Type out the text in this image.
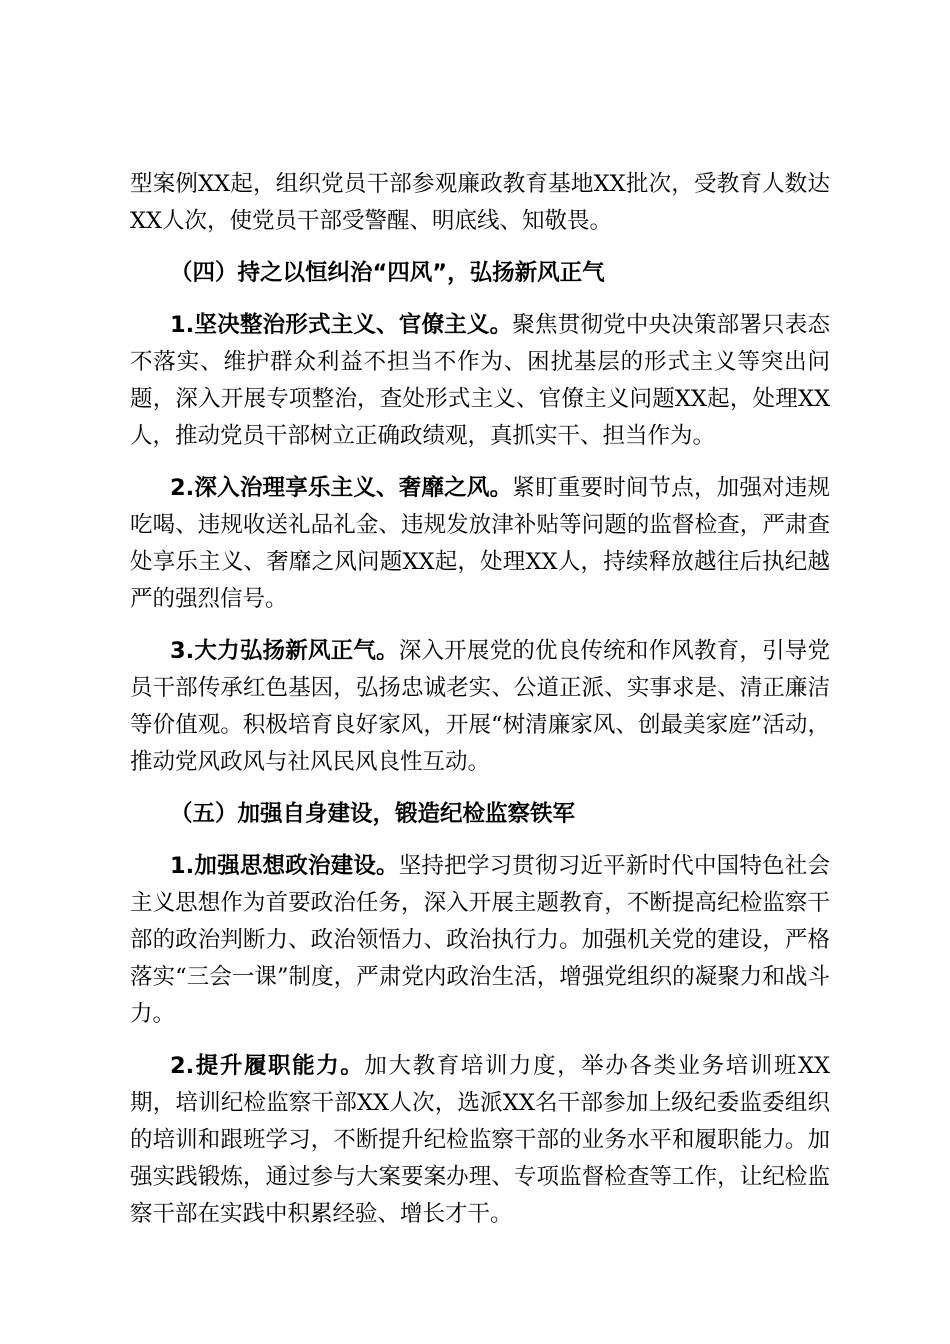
型案例XX起，组织党员干部参观廉政教育基地XX批次，受教育人数达XX人次，使党员干部受警醒、明底线、知敬畏。

（四）持之以恒纠治“四风”，弘扬新风正气

1.坚决整治形式主义、官僚主义。聚焦贯彻党中央决策部署只表态不落实、维护群众利益不担当不作为、困扰基层的形式主义等突出问题，深入开展专项整治，查处形式主义、官僚主义问题XX起，处理XX人，推动党员干部树立正确政绩观，真抓实干、担当作为。

2.深入治理享乐主义、奢靡之风。紧盯重要时间节点，加强对违规吃喝、违规收送礼品礼金、违规发放津补贴等问题的监督检查，严肃查处享乐主义、奢靡之风问题XX起，处理XX人，持续释放越往后执纪越严的强烈信号。

3.大力弘扬新风正气。深入开展党的优良传统和作风教育，引导党员干部传承红色基因，弘扬忠诚老实、公道正派、实事求是、清正廉洁等价值观。积极培育良好家风，开展“树清廉家风、创最美家庭”活动，推动党风政风与社风民风良性互动。

（五）加强自身建设，锻造纪检监察铁军

1.加强思想政治建设。坚持把学习贯彻习近平新时代中国特色社会主义思想作为首要政治任务，深入开展主题教育，不断提高纪检监察干部的政治判断力、政治领悟力、政治执行力。加强机关党的建设，严格落实“三会一课”制度，严肃党内政治生活，增强党组织的凝聚力和战斗力。

2.提升履职能力。加大教育培训力度，举办各类业务培训班XX期，培训纪检监察干部XX人次，选派XX名干部参加上级纪委监委组织的培训和跟班学习，不断提升纪检监察干部的业务水平和履职能力。加强实践锻炼，通过参与大案要案办理、专项监督检查等工作，让纪检监察干部在实践中积累经验、增长才干。
